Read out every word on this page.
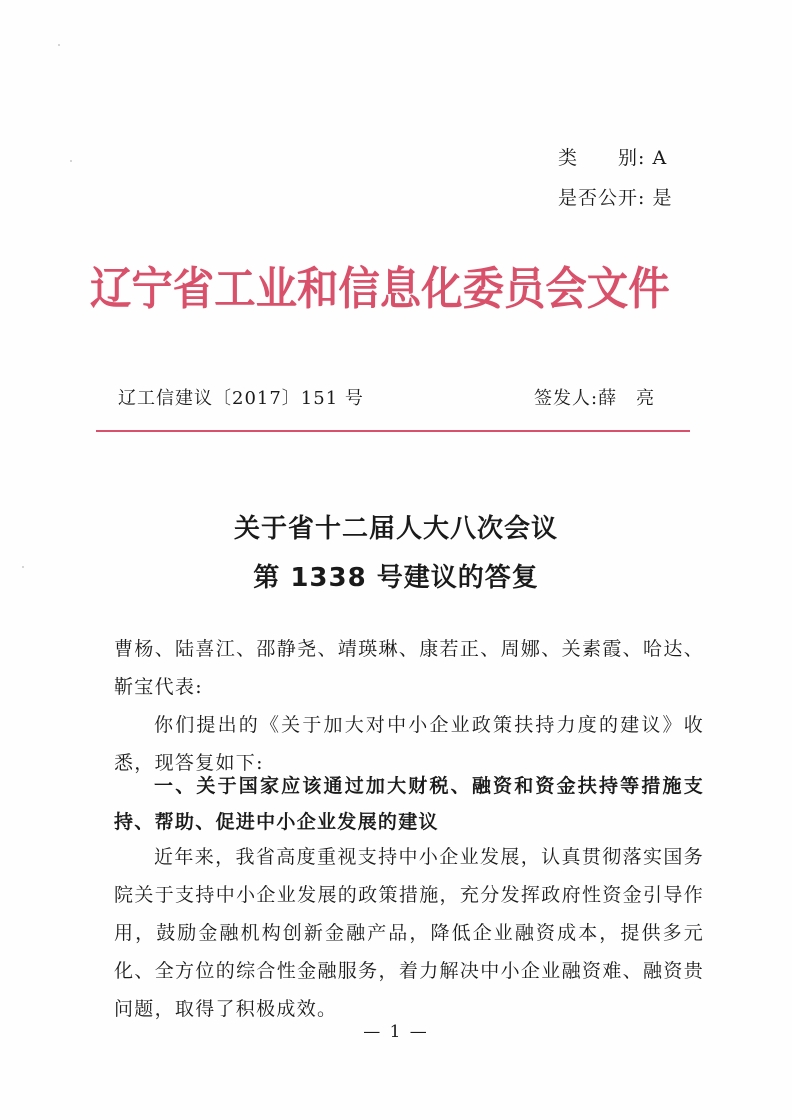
类　　别: A
是否公开: 是
辽宁省工业和信息化委员会文件
辽工信建议〔2017〕151 号	签发人:薛　亮
关于省十二届人大八次会议
第 1338 号建议的答复
曹杨、陆喜江、邵静尧、靖瑛琳、康若正、周娜、关素霞、哈达、靳宝代表:
你们提出的《关于加大对中小企业政策扶持力度的建议》收悉，现答复如下:
一、关于国家应该通过加大财税、融资和资金扶持等措施支持、帮助、促进中小企业发展的建议
近年来，我省高度重视支持中小企业发展，认真贯彻落实国务院关于支持中小企业发展的政策措施，充分发挥政府性资金引导作用，鼓励金融机构创新金融产品，降低企业融资成本，提供多元化、全方位的综合性金融服务，着力解决中小企业融资难、融资贵问题，取得了积极成效。
— 1 —
